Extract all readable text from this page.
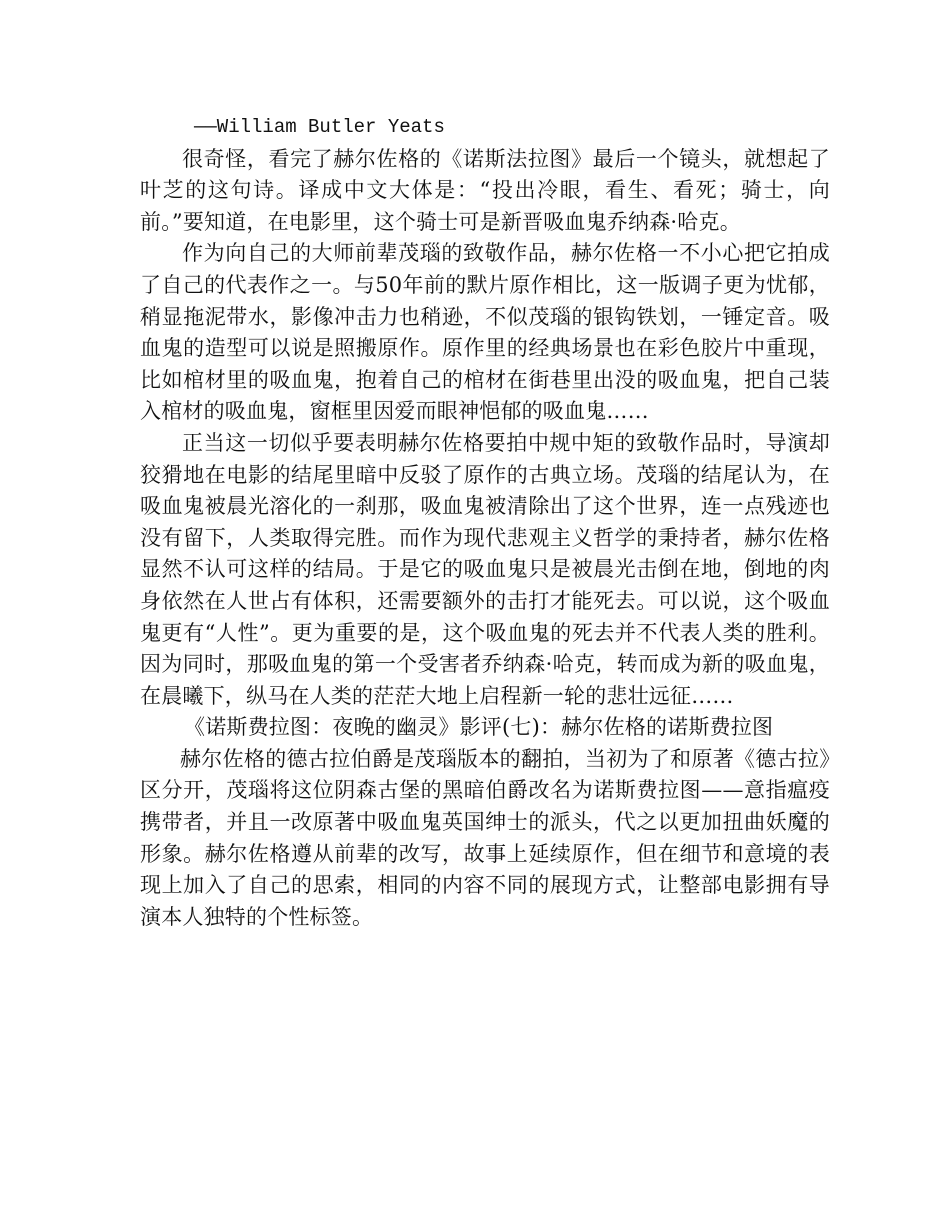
——William Butler Yeats

很奇怪，看完了赫尔佐格的《诺斯法拉图》最后一个镜头，就想起了叶芝的这句诗。译成中文大体是：“投出冷眼，看生、看死；骑士，向前。”要知道，在电影里，这个骑士可是新晋吸血鬼乔纳森·哈克。

作为向自己的大师前辈茂瑙的致敬作品，赫尔佐格一不小心把它拍成了自己的代表作之一。与50年前的默片原作相比，这一版调子更为忧郁，稍显拖泥带水，影像冲击力也稍逊，不似茂瑙的银钩铁划，一锤定音。吸血鬼的造型可以说是照搬原作。原作里的经典场景也在彩色胶片中重现，比如棺材里的吸血鬼，抱着自己的棺材在街巷里出没的吸血鬼，把自己装入棺材的吸血鬼，窗框里因爱而眼神悒郁的吸血鬼……

正当这一切似乎要表明赫尔佐格要拍中规中矩的致敬作品时，导演却狡猾地在电影的结尾里暗中反驳了原作的古典立场。茂瑙的结尾认为，在吸血鬼被晨光溶化的一刹那，吸血鬼被清除出了这个世界，连一点残迹也没有留下，人类取得完胜。而作为现代悲观主义哲学的秉持者，赫尔佐格显然不认可这样的结局。于是它的吸血鬼只是被晨光击倒在地，倒地的肉身依然在人世占有体积，还需要额外的击打才能死去。可以说，这个吸血鬼更有“人性”。更为重要的是，这个吸血鬼的死去并不代表人类的胜利。因为同时，那吸血鬼的第一个受害者乔纳森·哈克，转而成为新的吸血鬼，在晨曦下，纵马在人类的茫茫大地上启程新一轮的悲壮远征……

《诺斯费拉图：夜晚的幽灵》影评(七)：赫尔佐格的诺斯费拉图

赫尔佐格的德古拉伯爵是茂瑙版本的翻拍，当初为了和原著《德古拉》区分开，茂瑙将这位阴森古堡的黑暗伯爵改名为诺斯费拉图——意指瘟疫携带者，并且一改原著中吸血鬼英国绅士的派头，代之以更加扭曲妖魔的形象。赫尔佐格遵从前辈的改写，故事上延续原作，但在细节和意境的表现上加入了自己的思索，相同的内容不同的展现方式，让整部电影拥有导演本人独特的个性标签。
